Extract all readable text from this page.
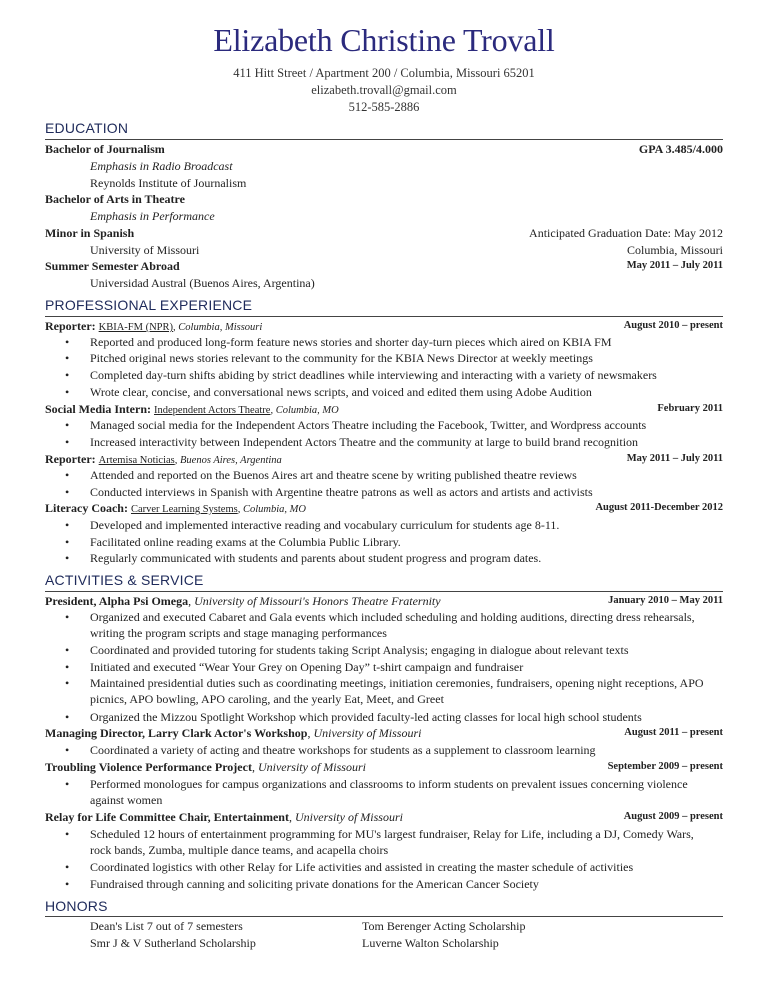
Elizabeth Christine Trovall
411 Hitt Street / Apartment 200 / Columbia, Missouri 65201
elizabeth.trovall@gmail.com
512-585-2886
EDUCATION
Bachelor of Journalism	GPA 3.485/4.000
Emphasis in Radio Broadcast
Reynolds Institute of Journalism
Bachelor of Arts in Theatre
Emphasis in Performance
Minor in Spanish	Anticipated Graduation Date: May 2012
University of Missouri	Columbia, Missouri
Summer Semester Abroad	May 2011 – July 2011
Universidad Austral (Buenos Aires, Argentina)
PROFESSIONAL EXPERIENCE
Reporter: KBIA-FM (NPR), Columbia, Missouri	August 2010 – present
• Reported and produced long-form feature news stories and shorter day-turn pieces which aired on KBIA FM
• Pitched original news stories relevant to the community for the KBIA News Director at weekly meetings
• Completed day-turn shifts abiding by strict deadlines while interviewing and interacting with a variety of newsmakers
• Wrote clear, concise, and conversational news scripts, and voiced and edited them using Adobe Audition
Social Media Intern: Independent Actors Theatre, Columbia, MO	February 2011
• Managed social media for the Independent Actors Theatre including the Facebook, Twitter, and Wordpress accounts
• Increased interactivity between Independent Actors Theatre and the community at large to build brand recognition
Reporter: Artemisa Noticias, Buenos Aires, Argentina	May 2011 – July 2011
• Attended and reported on the Buenos Aires art and theatre scene by writing published theatre reviews
• Conducted interviews in Spanish with Argentine theatre patrons as well as actors and artists and activists
Literacy Coach: Carver Learning Systems, Columbia, MO	August 2011-December 2012
• Developed and implemented interactive reading and vocabulary curriculum for students age 8-11.
• Facilitated online reading exams at the Columbia Public Library.
• Regularly communicated with students and parents about student progress and program dates.
ACTIVITIES & SERVICE
President, Alpha Psi Omega, University of Missouri's Honors Theatre Fraternity	January 2010 – May 2011
• Organized and executed Cabaret and Gala events which included scheduling and holding auditions, directing dress rehearsals, writing the program scripts and stage managing performances
• Coordinated and provided tutoring for students taking Script Analysis; engaging in dialogue about relevant texts
• Initiated and executed “Wear Your Grey on Opening Day” t-shirt campaign and fundraiser
• Maintained presidential duties such as coordinating meetings, initiation ceremonies, fundraisers, opening night receptions, APO picnics, APO bowling, APO caroling, and the yearly Eat, Meet, and Greet
• Organized the Mizzou Spotlight Workshop which provided faculty-led acting classes for local high school students
Managing Director, Larry Clark Actor's Workshop, University of Missouri	August 2011 – present
• Coordinated a variety of acting and theatre workshops for students as a supplement to classroom learning
Troubling Violence Performance Project, University of Missouri	September 2009 – present
• Performed monologues for campus organizations and classrooms to inform students on prevalent issues concerning violence against women
Relay for Life Committee Chair, Entertainment, University of Missouri	August 2009 – present
• Scheduled 12 hours of entertainment programming for MU's largest fundraiser, Relay for Life, including a DJ, Comedy Wars, rock bands, Zumba, multiple dance teams, and acapella choirs
• Coordinated logistics with other Relay for Life activities and assisted in creating the master schedule of activities
• Fundraised through canning and soliciting private donations for the American Cancer Society
HONORS
Dean's List 7 out of 7 semesters	Tom Berenger Acting Scholarship
Smr J & V Sutherland Scholarship	Luverne Walton Scholarship
